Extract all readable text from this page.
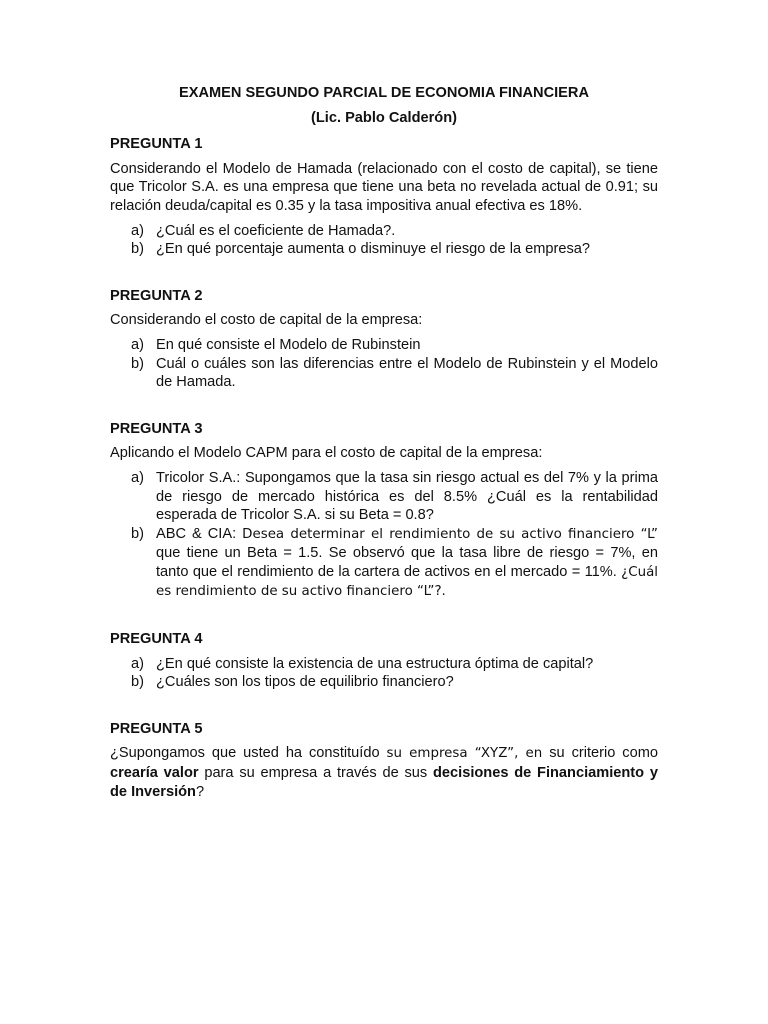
EXAMEN SEGUNDO PARCIAL DE ECONOMIA FINANCIERA

(Lic. Pablo Calderón)

PREGUNTA 1

Considerando el Modelo de Hamada (relacionado con el costo de capital), se tiene que Tricolor S.A. es una empresa que tiene una beta no revelada actual de 0.91; su relación deuda/capital es 0.35 y la tasa impositiva anual efectiva es 18%.

a) ¿Cuál es el coeficiente de Hamada?.
b) ¿En qué porcentaje aumenta o disminuye el riesgo de la empresa?

PREGUNTA 2

Considerando el costo de capital de la empresa:

a) En qué consiste el Modelo de Rubinstein
b) Cuál o cuáles son las diferencias entre el Modelo de Rubinstein y el Modelo de Hamada.

PREGUNTA 3

Aplicando el Modelo CAPM para el costo de capital de la empresa:

a) Tricolor S.A.: Supongamos que la tasa sin riesgo actual es del 7% y la prima de riesgo de mercado histórica es del 8.5% ¿Cuál es la rentabilidad esperada de Tricolor S.A. si su Beta = 0.8?
b) ABC & CIA: Desea determinar el rendimiento de su activo financiero “L” que tiene un Beta = 1.5. Se observó que la tasa libre de riesgo = 7%, en tanto que el rendimiento de la cartera de activos en el mercado = 11%. ¿Cuál es rendimiento de su activo financiero “L”?.

PREGUNTA 4

a) ¿En qué consiste la existencia de una estructura óptima de capital?
b) ¿Cuáles son los tipos de equilibrio financiero?

PREGUNTA 5

¿Supongamos que usted ha constituído su empresa “XYZ”, en su criterio como crearía valor para su empresa a través de sus decisiones de Financiamiento y de Inversión?
